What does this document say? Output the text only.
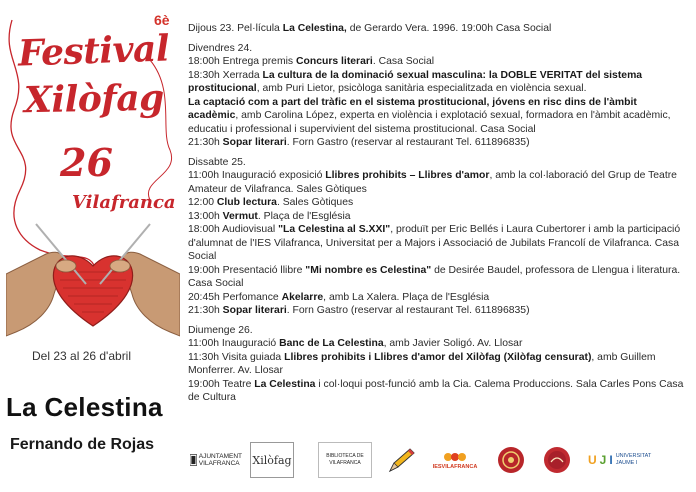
6è
Festival
Xilòfag
26
Vilafranca
Del 23 al 26 d'abril
La Celestina
Fernando de Rojas
Dijous 23. Pel·lícula La Celestina, de Gerardo Vera. 1996. 19:00h Casa Social
Divendres 24.
18:00h Entrega premis Concurs literari. Casa Social
18:30h Xerrada La cultura de la dominació sexual masculina: la DOBLE VERITAT del sistema prostitucional, amb Puri Lietor, psicòloga sanitària especialitzada en violència sexual.
La captació com a part del tràfic en el sistema prostitucional, jóvens en risc dins de l'àmbit acadèmic, amb Carolina López, experta en violència i explotació sexual, formadora en l'àmbit acadèmic, educatiu i professional i supervivient del sistema prostitucional. Casa Social
21:30h Sopar literari. Forn Gastro (reservar al restaurant Tel. 611896835)
Dissabte 25.
11:00h Inauguració exposició Llibres prohibits – Llibres d'amor, amb la col·laboració del Grup de Teatre Amateur de Vilafranca. Sales Gòtiques
12:00 Club lectura. Sales Gòtiques
13:00h Vermut. Plaça de l'Església
18:00h Audiovisual "La Celestina al S.XXI", produït per Eric Bellés i Laura Cubertorer i amb la participació d'alumnat de l'IES Vilafranca, Universitat per a Majors i Associació de Jubilats Francolí de Vilafranca. Casa Social
19:00h Presentació llibre "Mi nombre es Celestina" de Desirée Baudel, professora de Llengua i literatura. Casa Social
20:45h Perfomance Akelarre, amb La Xalera. Plaça de l'Església
21:30h Sopar literari. Forn Gastro (reservar al restaurant Tel. 611896835)
Diumenge 26.
11:00h Inauguració Banc de La Celestina, amb Javier Soligó. Av. Llosar
11:30h Visita guiada Llibres prohibits i Llibres d'amor del Xilòfag (Xilòfag censurat), amb Guillem Monferrer. Av. Llosar
19:00h Teatre La Celestina i col·loqui post-funció amb la Cia. Calema Produccions. Sala Carles Pons Casa de Cultura
AJUNTAMENT
VILAFRANCA Xilòfag	BIBLIOTECA DE VILAFRANCA
IESVILAFRANCA	U J I UNIVERSITAT
JAUME I
